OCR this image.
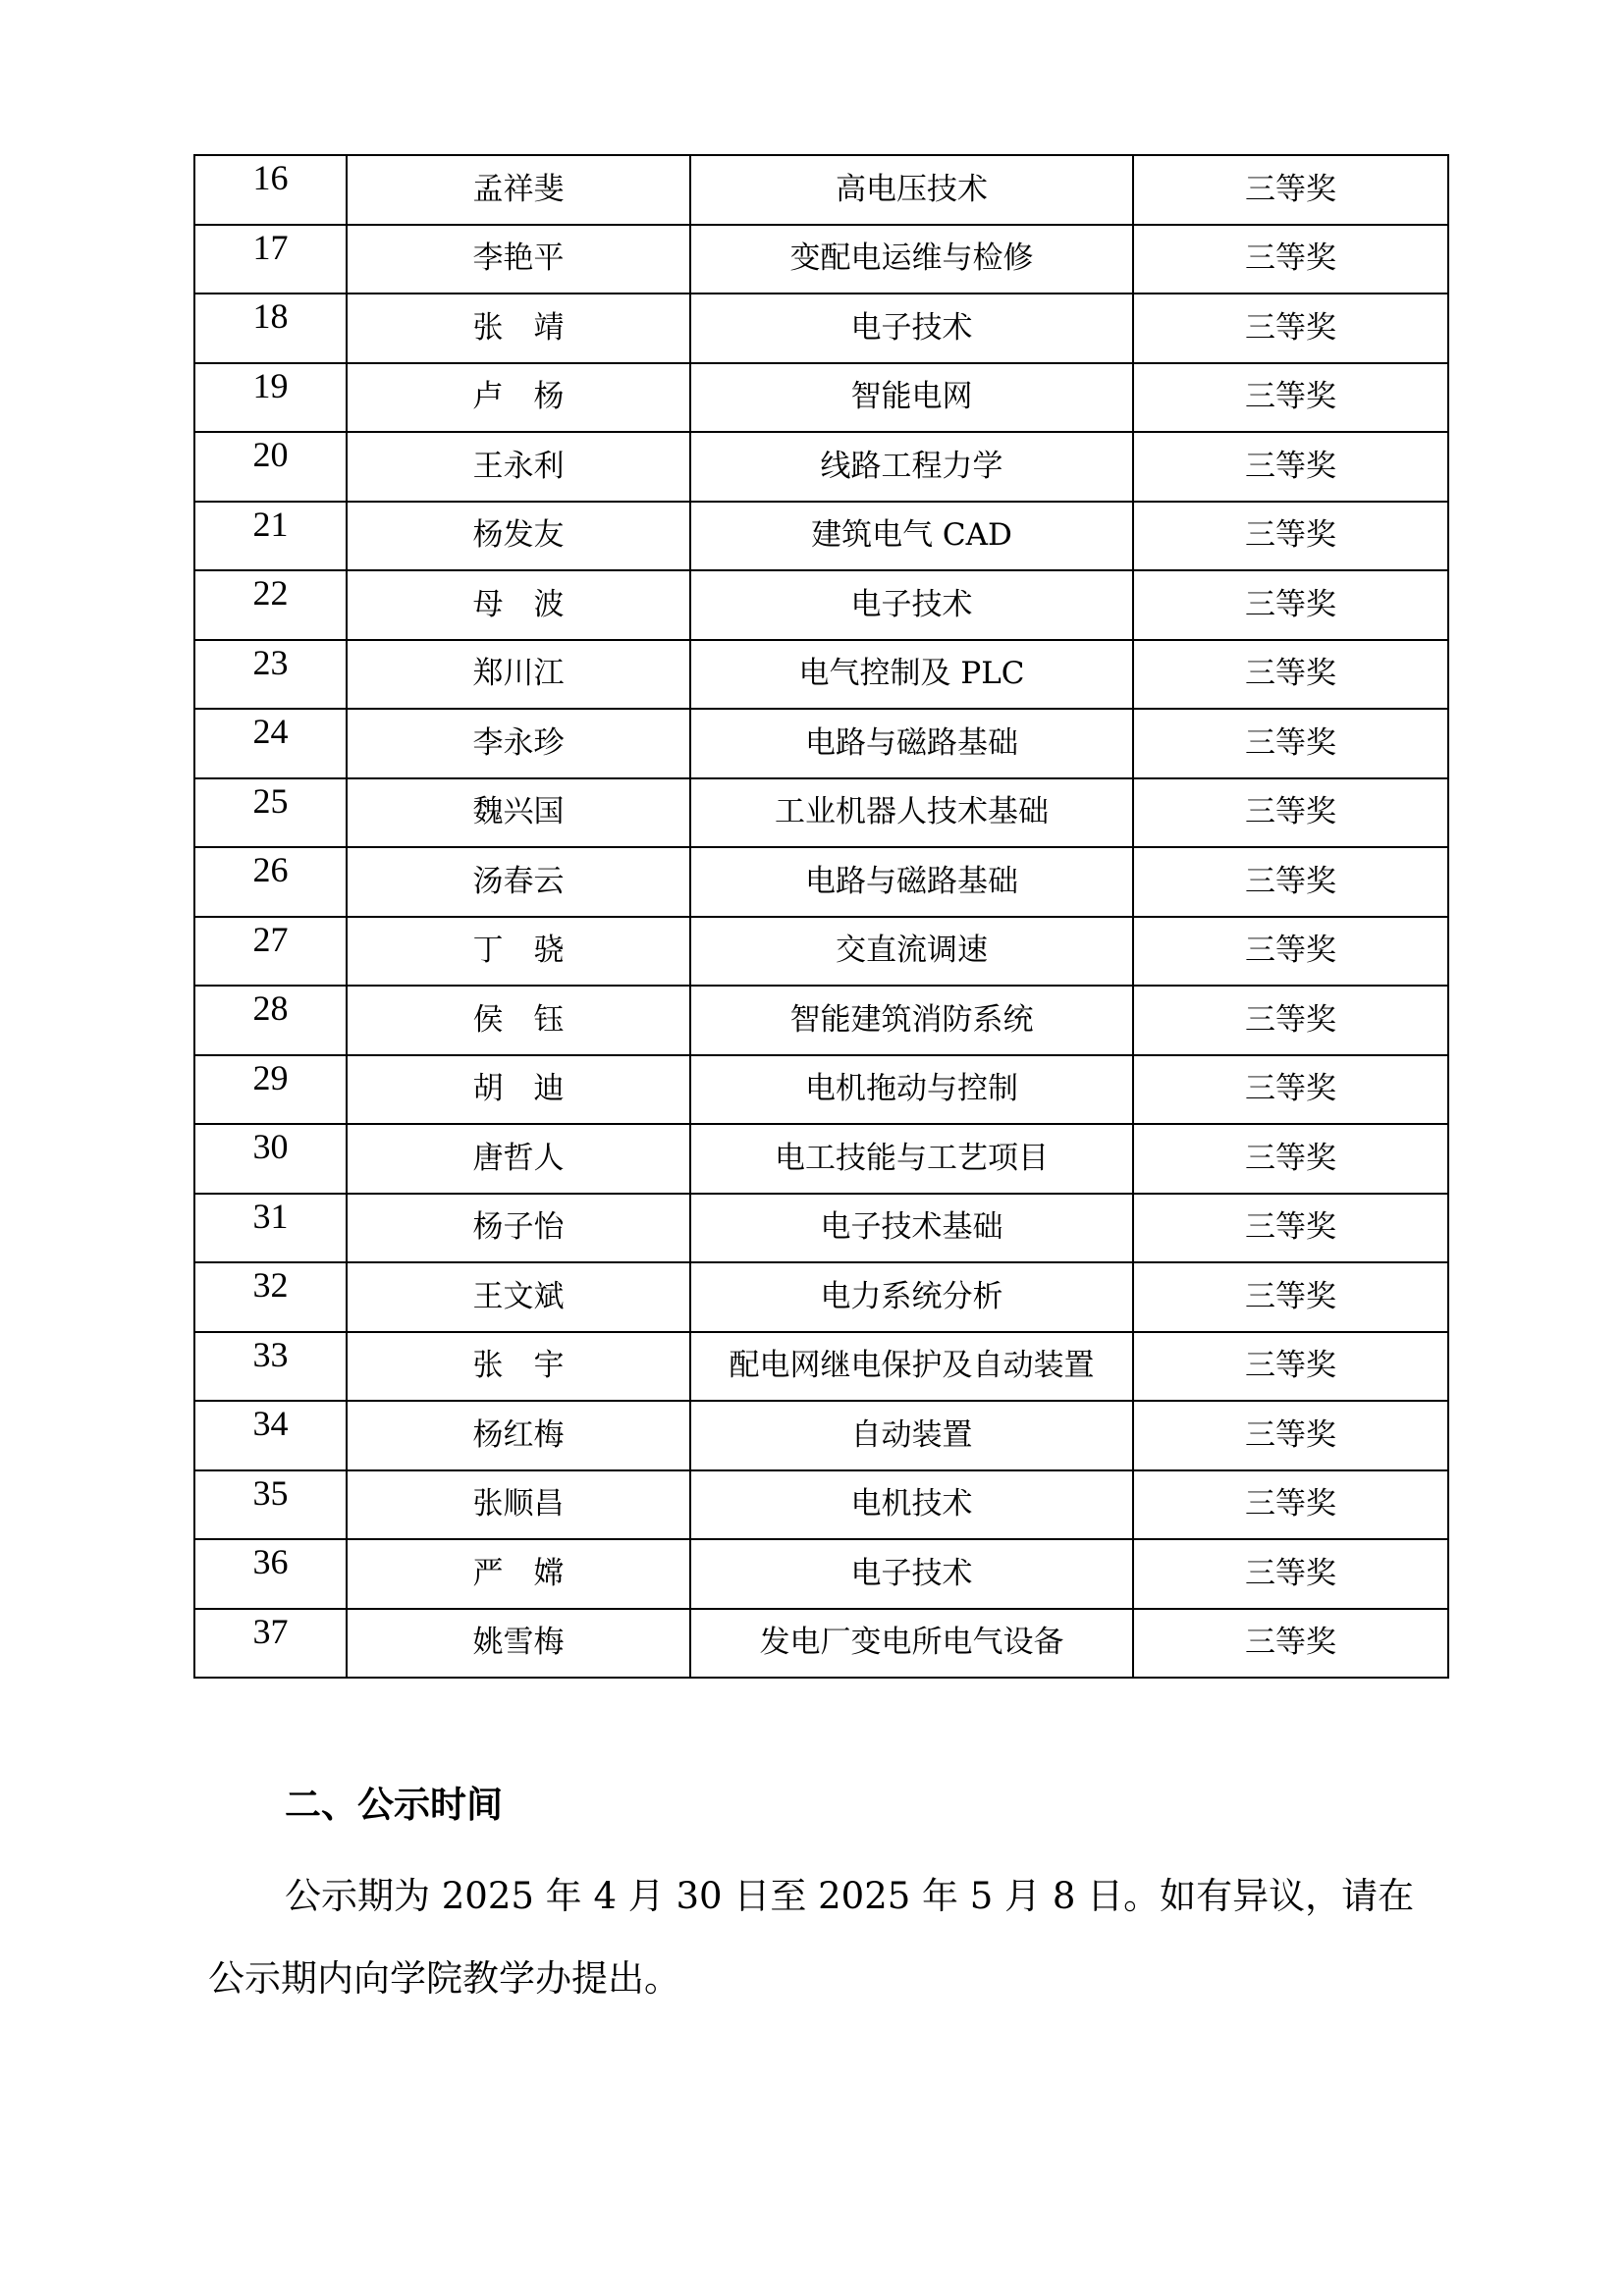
16	孟祥斐	高电压技术	三等奖
17	李艳平	变配电运维与检修	三等奖
18	张　靖	电子技术	三等奖
19	卢　杨	智能电网	三等奖
20	王永利	线路工程力学	三等奖
21	杨发友	建筑电气 CAD	三等奖
22	母　波	电子技术	三等奖
23	郑川江	电气控制及 PLC	三等奖
24	李永珍	电路与磁路基础	三等奖
25	魏兴国	工业机器人技术基础	三等奖
26	汤春云	电路与磁路基础	三等奖
27	丁　骁	交直流调速	三等奖
28	侯　钰	智能建筑消防系统	三等奖
29	胡　迪	电机拖动与控制	三等奖
30	唐哲人	电工技能与工艺项目	三等奖
31	杨子怡	电子技术基础	三等奖
32	王文斌	电力系统分析	三等奖
33	张　宇	配电网继电保护及自动装置	三等奖
34	杨红梅	自动装置	三等奖
35	张顺昌	电机技术	三等奖
36	严　嫦	电子技术	三等奖
37	姚雪梅	发电厂变电所电气设备	三等奖
二、公示时间

公示期为 2025 年 4 月 30 日至 2025 年 5 月 8 日。如有异议，请在公示期内向学院教学办提出。
